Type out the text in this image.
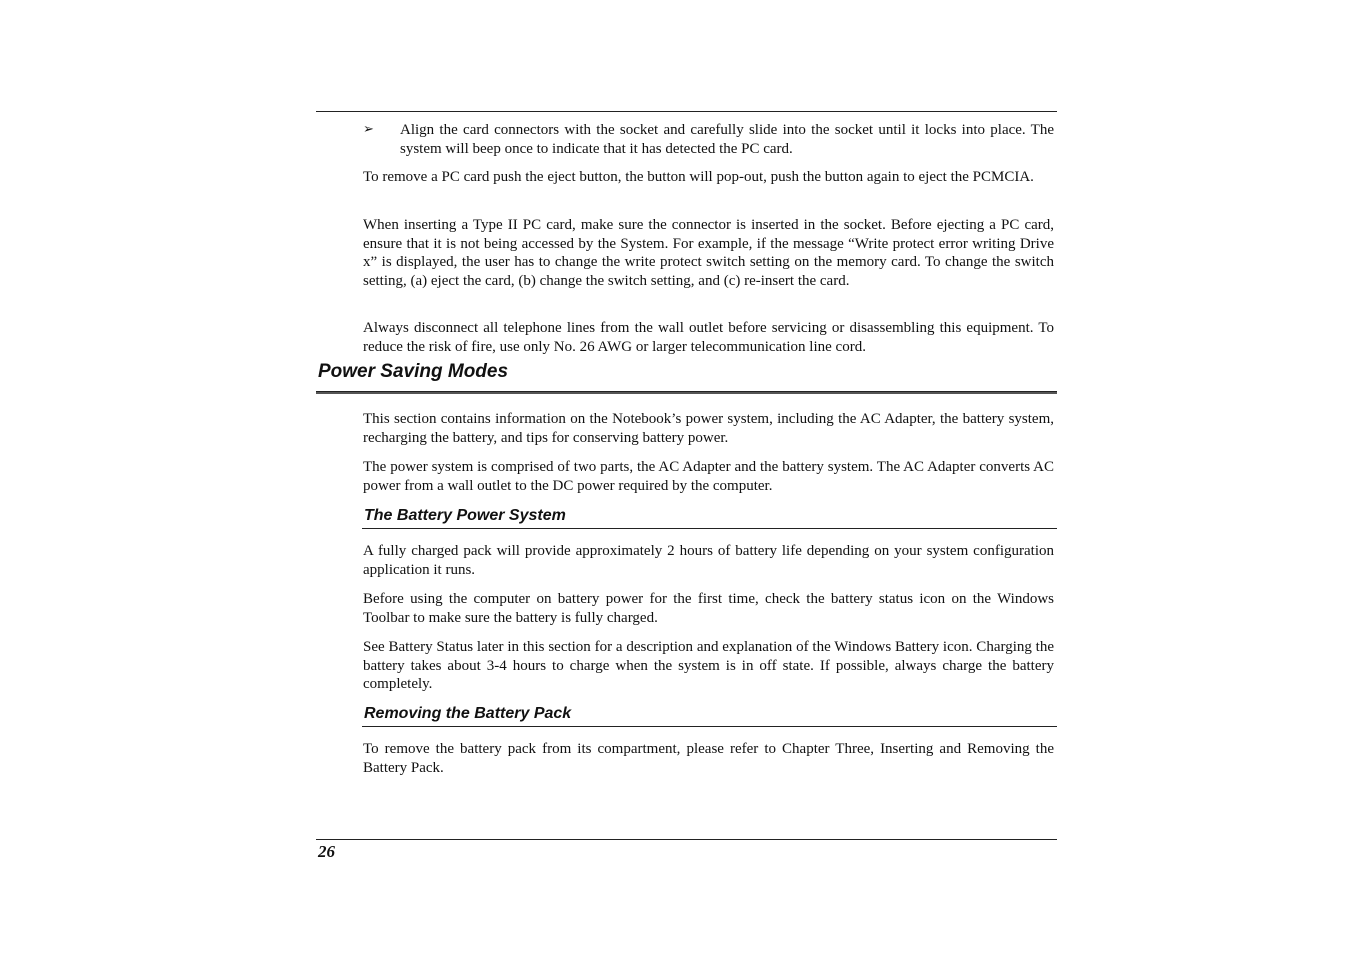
➢	Align the card connectors with the socket and carefully slide into the socket until it locks into place. The system will beep once to indicate that it has detected the PC card.

To remove a PC card push the eject button, the button will pop-out, push the button again to eject the PCMCIA.

When inserting a Type II PC card, make sure the connector is inserted in the socket. Before ejecting a PC card, ensure that it is not being accessed by the System. For example, if the message “Write protect error writing Drive x” is displayed, the user has to change the write protect switch setting on the memory card. To change the switch setting, (a) eject the card, (b) change the switch setting, and (c) re-insert the card.

Always disconnect all telephone lines from the wall outlet before servicing or disassembling this equipment. To reduce the risk of fire, use only No. 26 AWG or larger telecommunication line cord.

Power Saving Modes

This section contains information on the Notebook’s power system, including the AC Adapter, the battery system, recharging the battery, and tips for conserving battery power.

The power system is comprised of two parts, the AC Adapter and the battery system. The AC Adapter converts AC power from a wall outlet to the DC power required by the computer.

The Battery Power System

A fully charged pack will provide approximately 2 hours of battery life depending on your system configuration application it runs.

Before using the computer on battery power for the first time, check the battery status icon on the Windows Toolbar to make sure the battery is fully charged.

See Battery Status later in this section for a description and explanation of the Windows Battery icon. Charging the battery takes about 3-4 hours to charge when the system is in off state. If possible, always charge the battery completely.

Removing the Battery Pack

To remove the battery pack from its compartment, please refer to Chapter Three, Inserting and Removing the Battery Pack.

26
